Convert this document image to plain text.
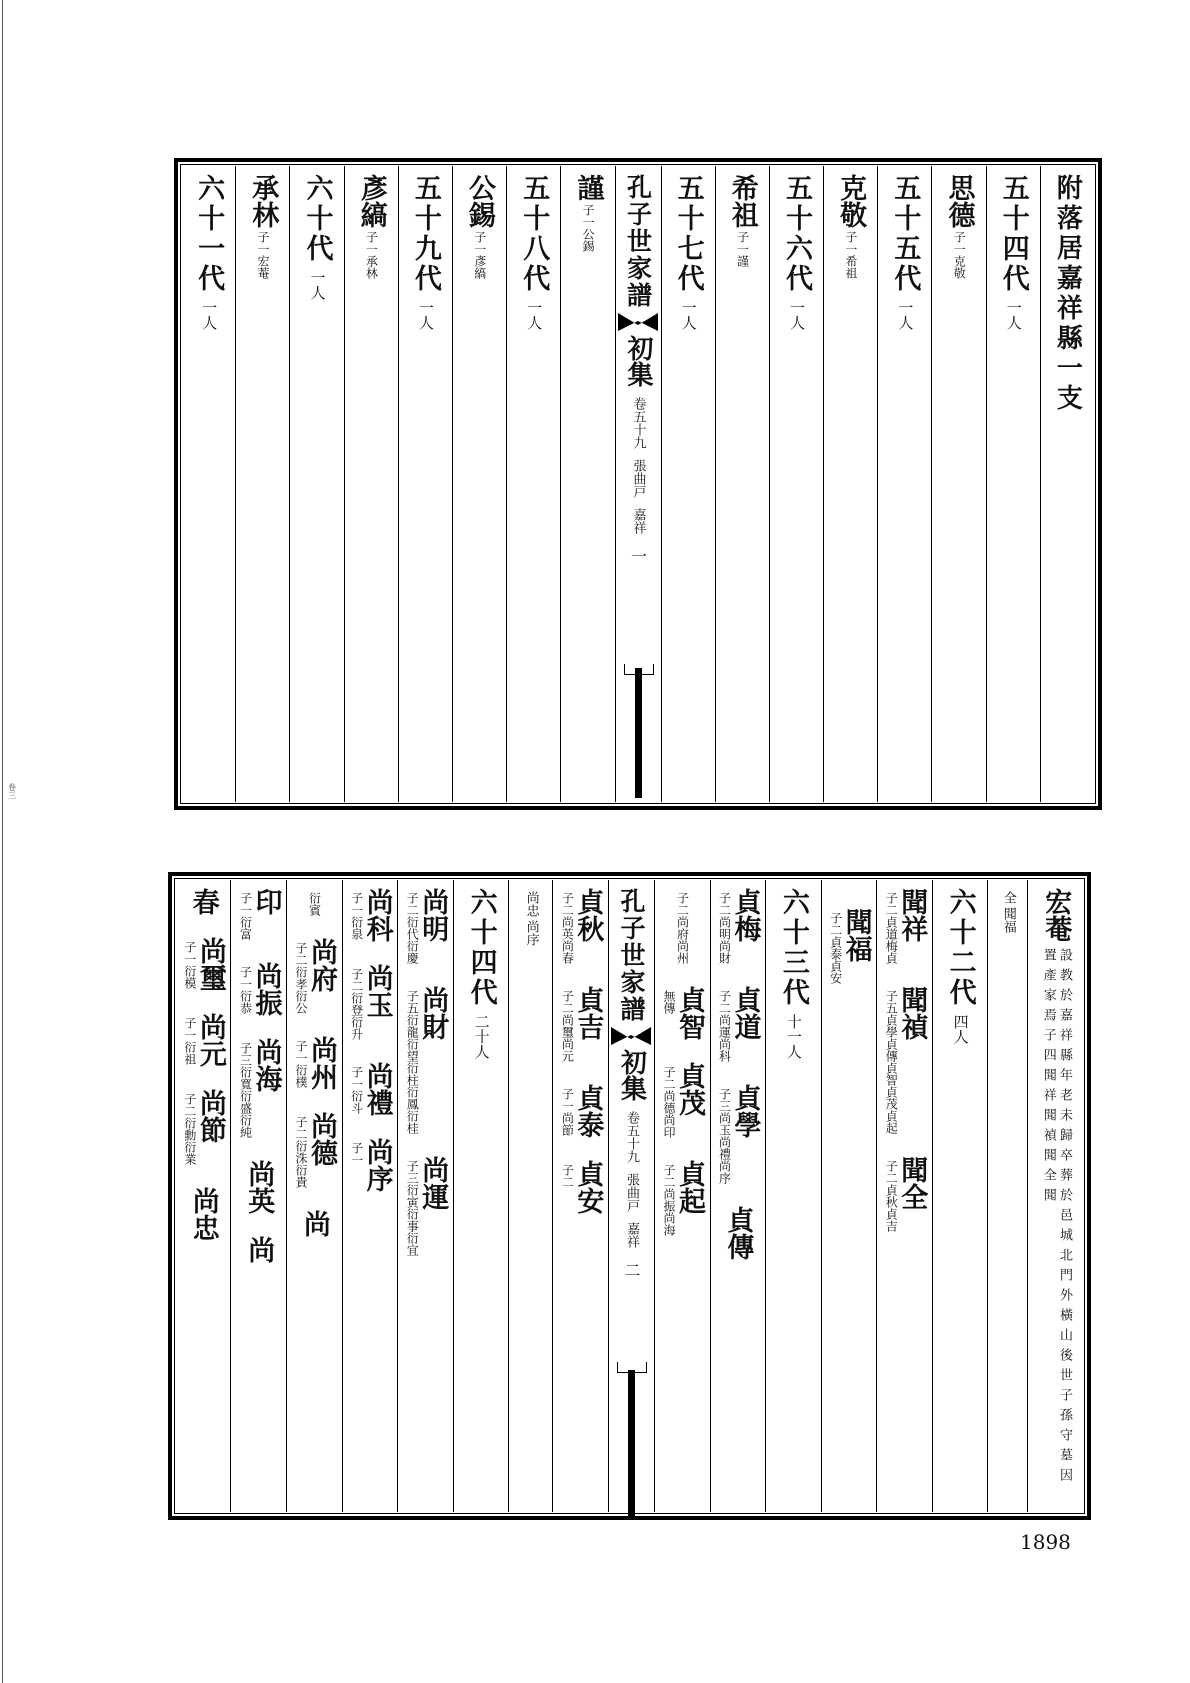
卷三
附落居嘉祥縣一支
五十四代
一人
思德
子一克敬
五十五代
一人
克敬
子一希祖
五十六代
一人
希祖
子一謹
五十七代
一人
孔子世家譜
初集
卷五十九
張曲戸
嘉祥
一
謹
子一公錫
五十八代
一人
公錫
子一彥縞
五十九代
一人
彥縞
子一承林
六十代
一人
承林
子一宏菴
六十一代
一人
宏菴
設教於嘉祥縣年老未歸卒葬於邑城北門外橫山後世子孫守墓因置產家焉子四聞祥聞禎聞全聞
全
聞福
六十二代
四人
聞祥
子二貞道梅貞
聞禎
子五貞學貞傳貞智貞茂貞起
聞全
子二貞秋貞吉
聞福
子二貞泰貞安
六十三代
十一人
貞梅
子二尚明尚財
貞道
子二尚運尚科
貞學
子三尚玉尚禮尚序
貞傳
子二尚府尚州
貞智
無傳
貞茂
子二尚德尚印
貞起
子二尚振尚海
孔子世家譜
初集
卷五十九
張曲戸
嘉祥
二
貞秋
子二尚英尚春
貞吉
子二尚璽尚元
貞泰
子一尚節
貞安
子二
尚忠
尚序
六十四代
二十人
尚明
子二衍代衍慶
尚財
子五衍龍衍望衍柱衍鳳衍桂
尚運
子三衍寅衍事衍宜
尚科
子一衍泉
尚玉
子二衍登衍升
尚禮
子一衍斗
尚序
子一
衍賓
尚府
子二衍孝衍公
尚州
子一衍樸
尚德
子二衍洙衍貴
尚
印
子一衍富
尚振
子一衍恭
尚海
子三衍寬衍盛衍純
尚英
尚
春
尚璽
子一衍模
尚元
子一衍祖
尚節
子二衍勳衍業
尚忠
1898
